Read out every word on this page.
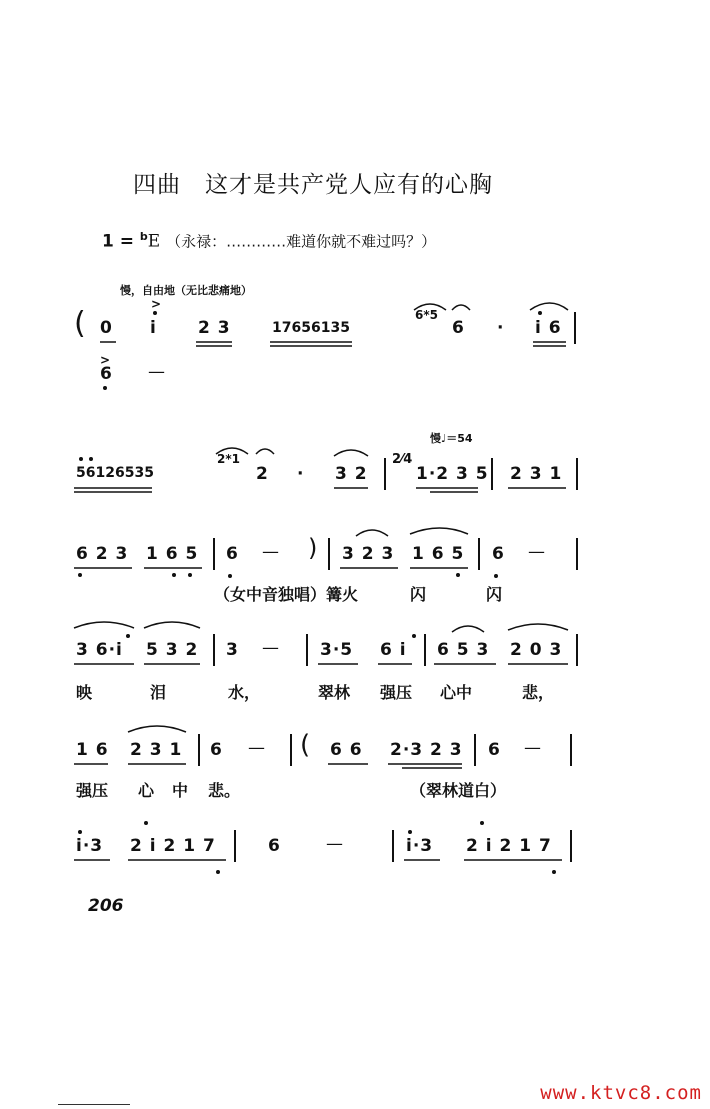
四曲　这才是共产党人应有的心胸
1 = $^b$E （永禄：…………难道你就不难过吗？）
慢，自由地（无比悲痛地）
( 0 i 2 3	17656135
6*5
6 · i 6
6 —
慢♩＝54
56126535
2*1
2 · 3 2
2⁄4
1·2 3 5 2 3 1
6 2 3 1 6 5 6 — ) 3 2 3 1 6 5 6 —
（女中音独唱）篝火	闪	闪
3 6·i 5 3 2 3 — 3·5 6 i 6 5 3 2 0 3
映	泪	水，	翠林 强压 心中	悲，
1 6 2 3 1 6 — ( 6 6 2·3 2 3 6 —
强压 心 中 悲。	（翠林道白）
i·3 2 i 2 1 7	6	—	i·3 2 i 2 1 7
206
www.ktvc8.com
>
>
